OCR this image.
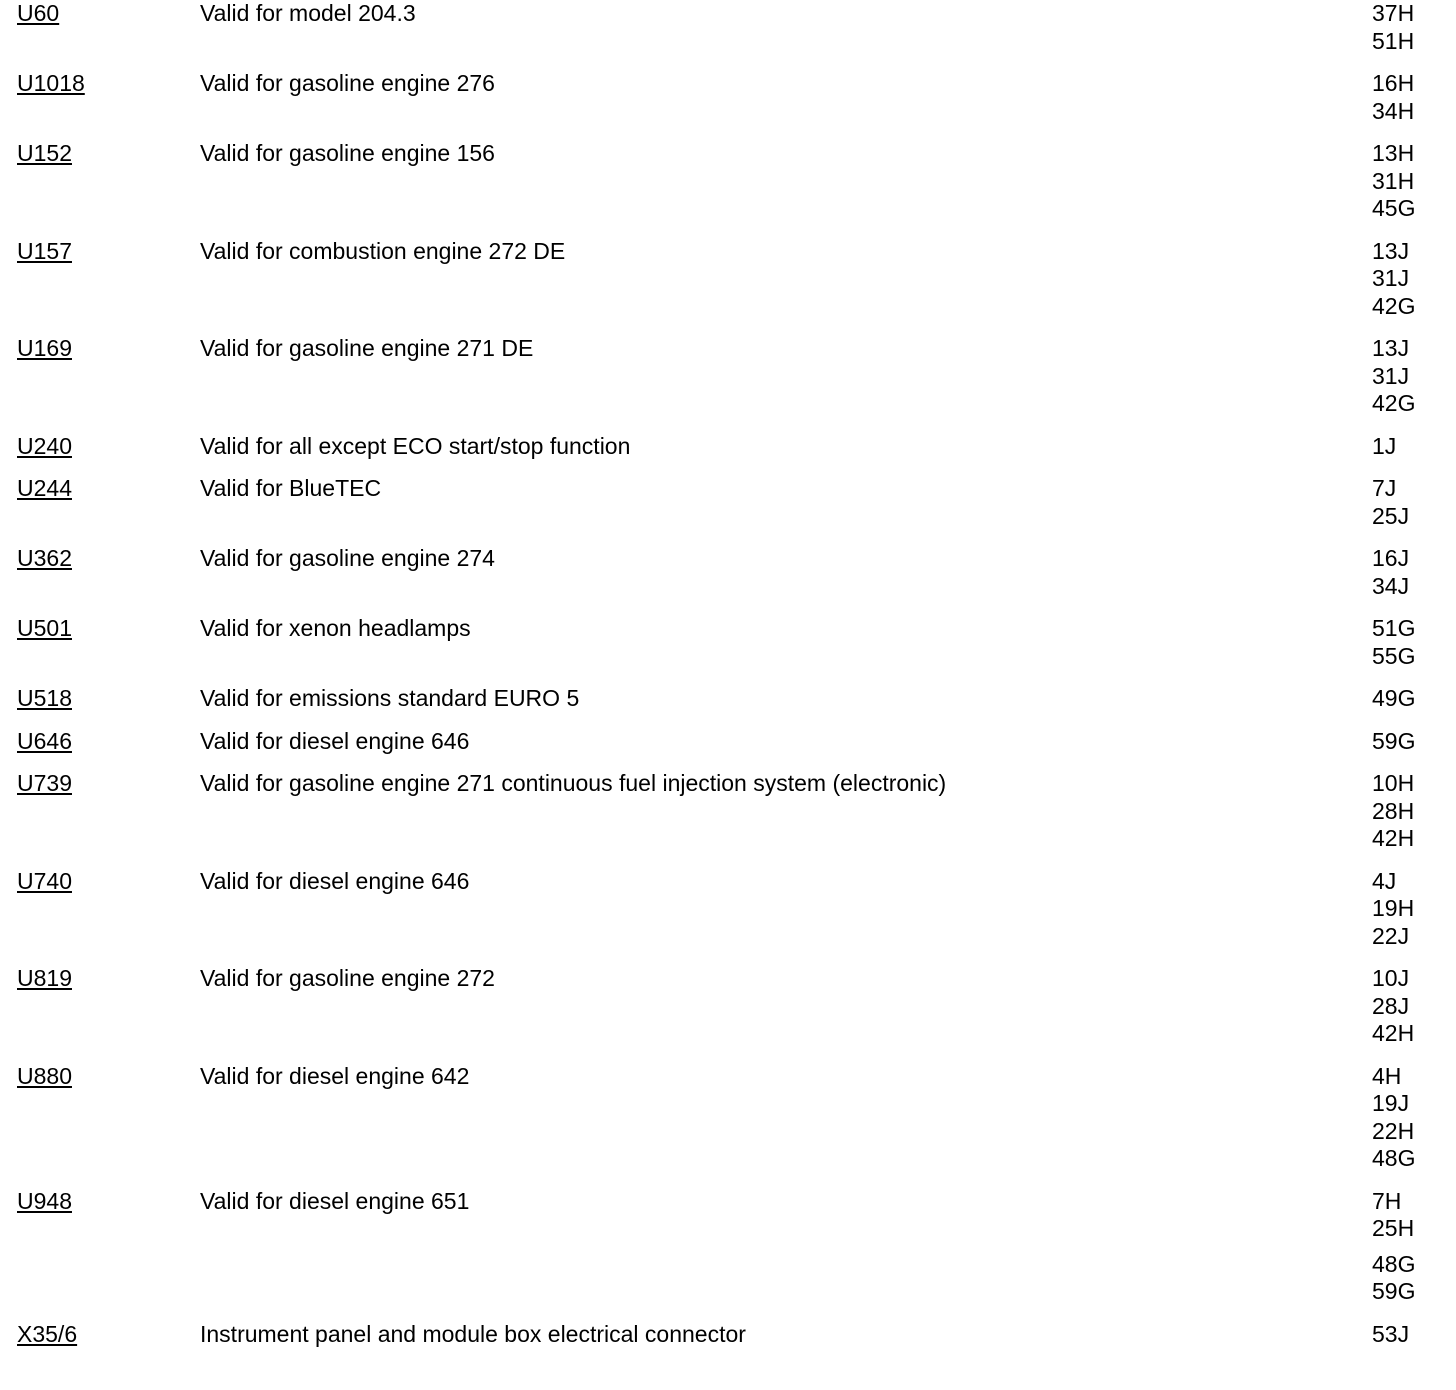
U60	Valid for model 204.3	37H
51H
U1018	Valid for gasoline engine 276	16H
34H
U152	Valid for gasoline engine 156	13H
31H
45G
U157	Valid for combustion engine 272 DE	13J
31J
42G
U169	Valid for gasoline engine 271 DE	13J
31J
42G
U240	Valid for all except ECO start/stop function	1J
U244	Valid for BlueTEC	7J
25J
U362	Valid for gasoline engine 274	16J
34J
U501	Valid for xenon headlamps	51G
55G
U518	Valid for emissions standard EURO 5	49G
U646	Valid for diesel engine 646	59G
U739	Valid for gasoline engine 271 continuous fuel injection system (electronic)	10H
28H
42H
U740	Valid for diesel engine 646	4J
19H
22J
U819	Valid for gasoline engine 272	10J
28J
42H
U880	Valid for diesel engine 642	4H
19J
22H
48G
U948	Valid for diesel engine 651	7H
25H
48G
59G
X35/6	Instrument panel and module box electrical connector	53J
